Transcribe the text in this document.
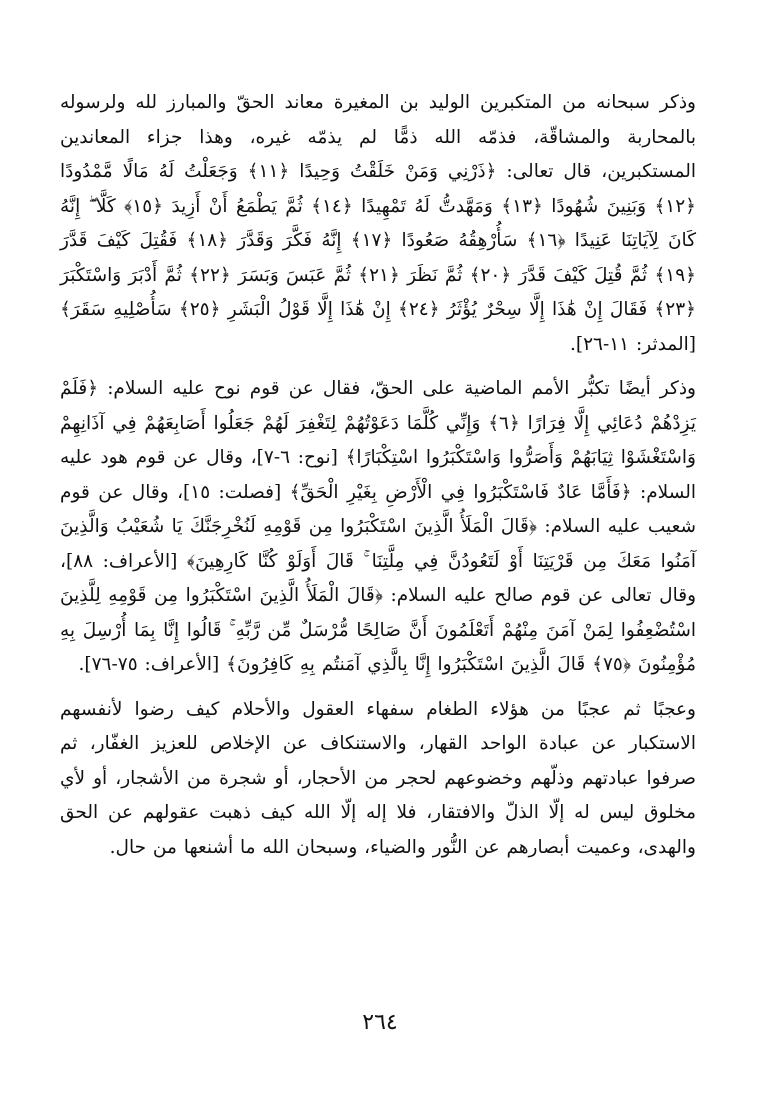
وذكر سبحانه من المتكبرين الوليد بن المغيرة معاند الحقّ والمبارز لله ولرسوله بالمحاربة والمشاقّة، فذمّه الله ذمًّا لم يذمّه غيره، وهذا جزاء المعاندين المستكبرين، قال تعالى: ﴿ذَرْنِي وَمَنْ خَلَقْتُ وَحِيدًا ﴿١١﴾ وَجَعَلْتُ لَهُ مَالًا مَّمْدُودًا ﴿١٢﴾ وَبَنِينَ شُهُودًا ﴿١٣﴾ وَمَهَّدتُّ لَهُ تَمْهِيدًا ﴿١٤﴾ ثُمَّ يَطْمَعُ أَنْ أَزِيدَ ﴿١٥﴾ كَلَّا ۖ إِنَّهُ كَانَ لِآيَاتِنَا عَنِيدًا ﴿١٦﴾ سَأُرْهِقُهُ صَعُودًا ﴿١٧﴾ إِنَّهُ فَكَّرَ وَقَدَّرَ ﴿١٨﴾ فَقُتِلَ كَيْفَ قَدَّرَ ﴿١٩﴾ ثُمَّ قُتِلَ كَيْفَ قَدَّرَ ﴿٢٠﴾ ثُمَّ نَظَرَ ﴿٢١﴾ ثُمَّ عَبَسَ وَبَسَرَ ﴿٢٢﴾ ثُمَّ أَدْبَرَ وَاسْتَكْبَرَ ﴿٢٣﴾ فَقَالَ إِنْ هَٰذَا إِلَّا سِحْرٌ يُؤْثَرُ ﴿٢٤﴾ إِنْ هَٰذَا إِلَّا قَوْلُ الْبَشَرِ ﴿٢٥﴾ سَأُصْلِيهِ سَقَرَ﴾ [المدثر: ١١-٢٦].

وذكر أيضًا تكبُّر الأمم الماضية على الحقّ، فقال عن قوم نوح عليه السلام: ﴿فَلَمْ يَزِدْهُمْ دُعَائِي إِلَّا فِرَارًا ﴿٦﴾ وَإِنِّي كُلَّمَا دَعَوْتُهُمْ لِتَغْفِرَ لَهُمْ جَعَلُوا أَصَابِعَهُمْ فِي آذَانِهِمْ وَاسْتَغْشَوْا ثِيَابَهُمْ وَأَصَرُّوا وَاسْتَكْبَرُوا اسْتِكْبَارًا﴾ [نوح: ٦-٧]، وقال عن قوم هود عليه السلام: ﴿فَأَمَّا عَادٌ فَاسْتَكْبَرُوا فِي الْأَرْضِ بِغَيْرِ الْحَقِّ﴾ [فصلت: ١٥]، وقال عن قوم شعيب عليه السلام: ﴿قَالَ الْمَلَأُ الَّذِينَ اسْتَكْبَرُوا مِن قَوْمِهِ لَنُخْرِجَنَّكَ يَا شُعَيْبُ وَالَّذِينَ آمَنُوا مَعَكَ مِن قَرْيَتِنَا أَوْ لَتَعُودُنَّ فِي مِلَّتِنَا ۚ قَالَ أَوَلَوْ كُنَّا كَارِهِينَ﴾ [الأعراف: ٨٨]، وقال تعالى عن قوم صالح عليه السلام: ﴿قَالَ الْمَلَأُ الَّذِينَ اسْتَكْبَرُوا مِن قَوْمِهِ لِلَّذِينَ اسْتُضْعِفُوا لِمَنْ آمَنَ مِنْهُمْ أَتَعْلَمُونَ أَنَّ صَالِحًا مُّرْسَلٌ مِّن رَّبِّهِ ۚ قَالُوا إِنَّا بِمَا أُرْسِلَ بِهِ مُؤْمِنُونَ ﴿٧٥﴾ قَالَ الَّذِينَ اسْتَكْبَرُوا إِنَّا بِالَّذِي آمَنتُم بِهِ كَافِرُونَ﴾ [الأعراف: ٧٥-٧٦].

وعجبًا ثم عجبًا من هؤلاء الطغام سفهاء العقول والأحلام كيف رضوا لأنفسهم الاستكبار عن عبادة الواحد القهار، والاستنكاف عن الإخلاص للعزيز الغفّار، ثم صرفوا عبادتهم وذلّهم وخضوعهم لحجر من الأحجار، أو شجرة من الأشجار، أو لأي مخلوق ليس له إلّا الذلّ والافتقار، فلا إله إلّا الله كيف ذهبت عقولهم عن الحق والهدى، وعميت أبصارهم عن النُّور والضياء، وسبحان الله ما أشنعها من حال.

٢٦٤
